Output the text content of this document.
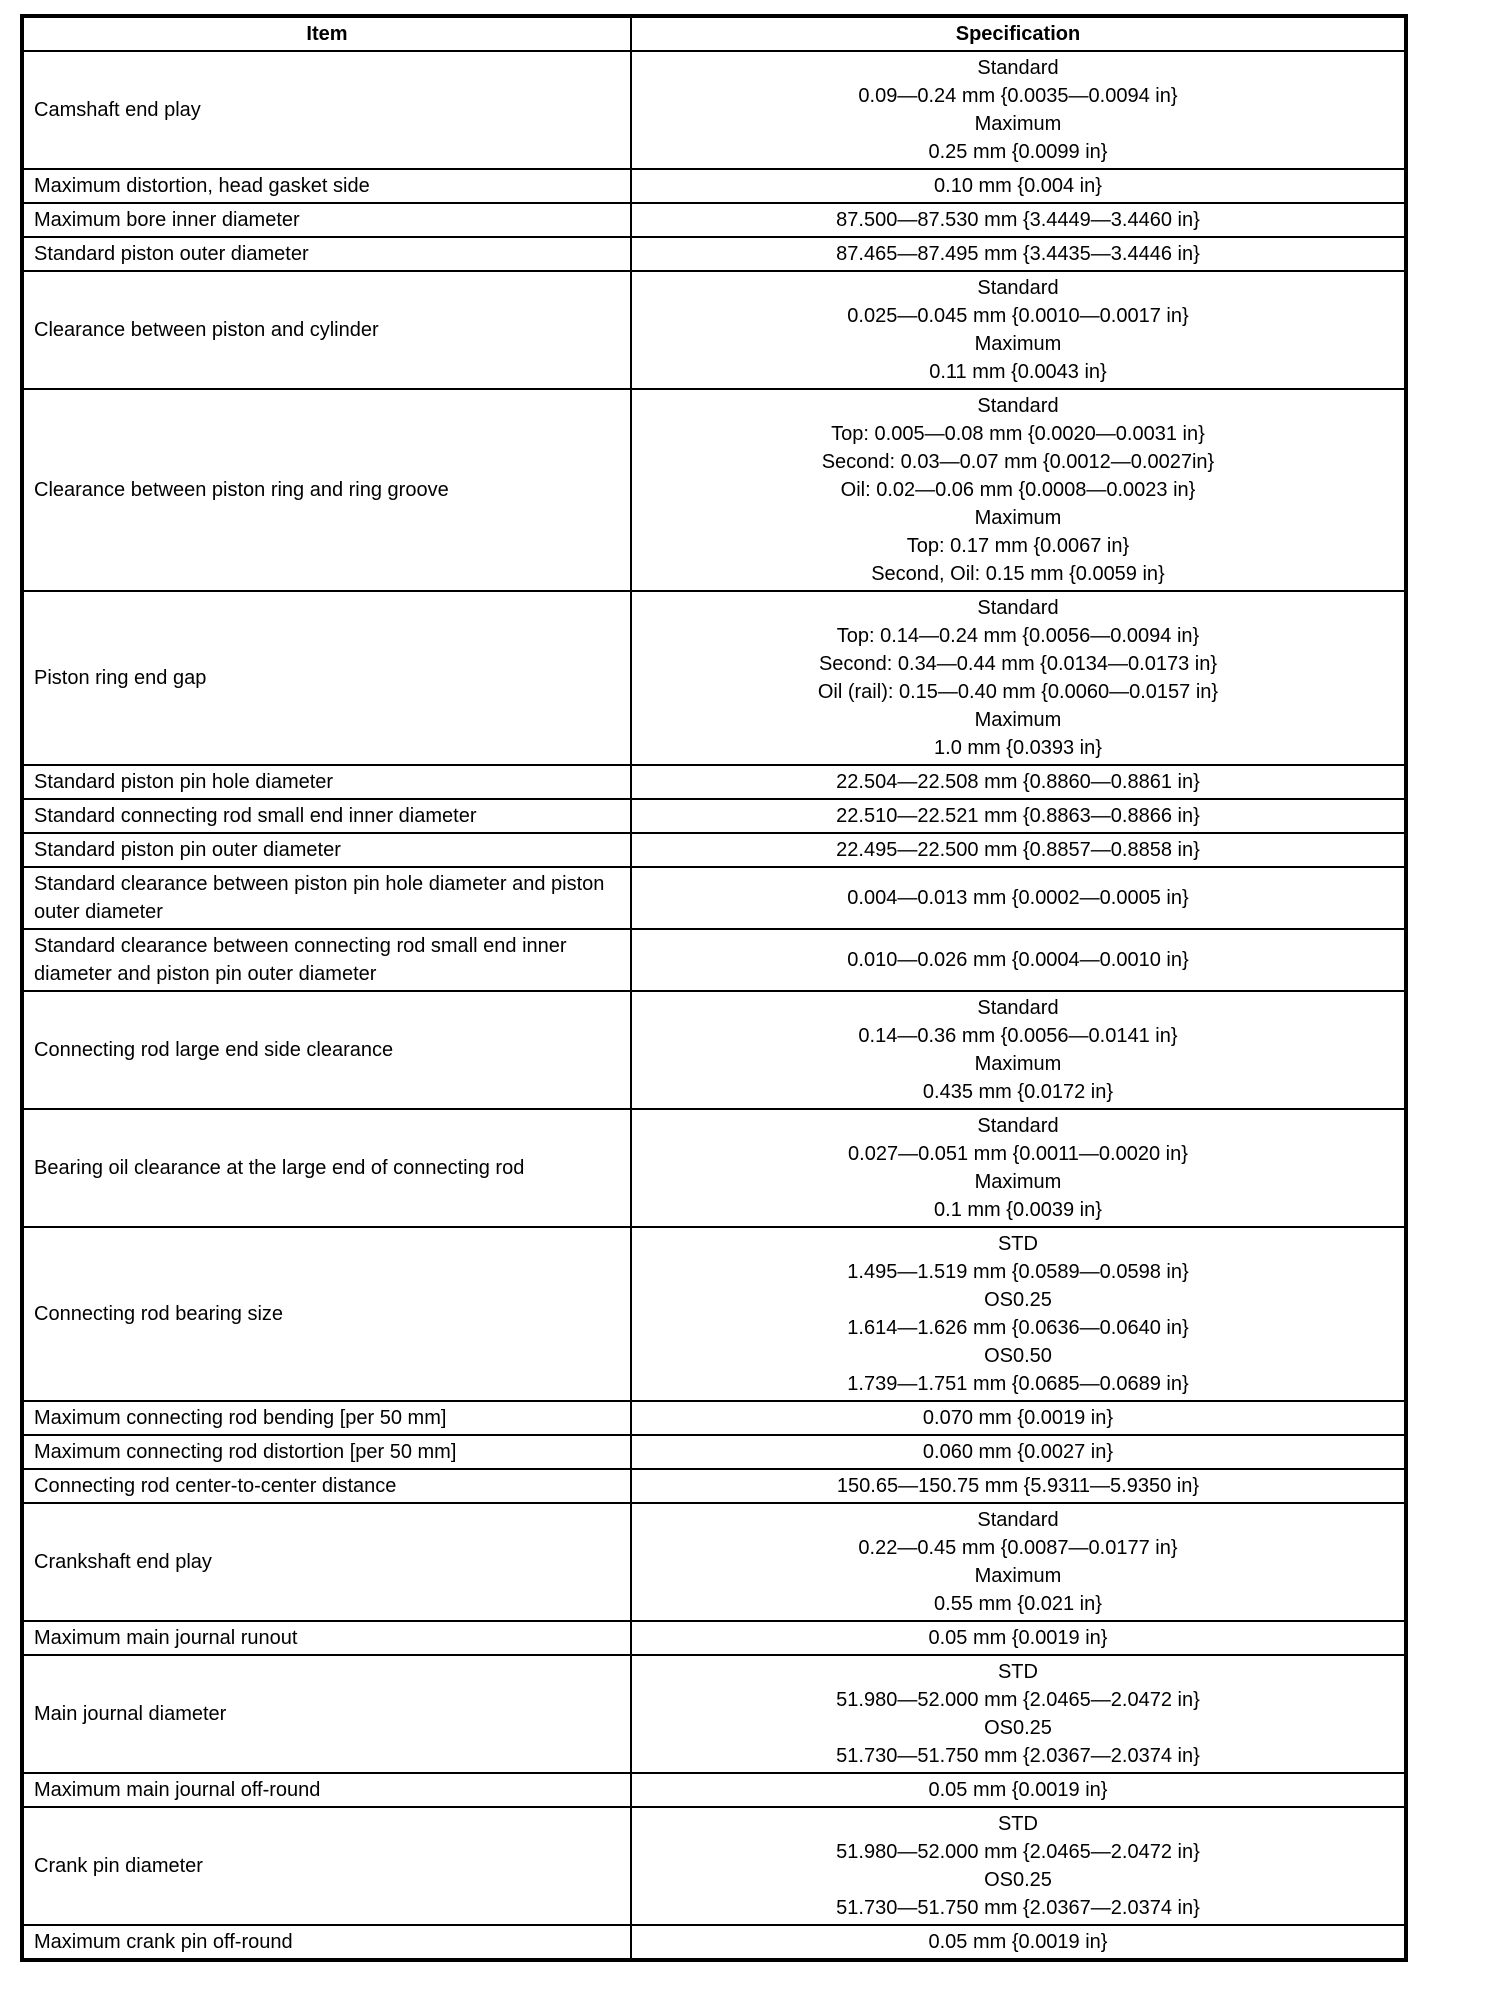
Item	Specification
Camshaft end play	Standard
0.09—0.24 mm {0.0035—0.0094 in}
Maximum
0.25 mm {0.0099 in}

Maximum distortion, head gasket side	0.10 mm {0.004 in}

Maximum bore inner diameter	87.500—87.530 mm {3.4449—3.4460 in}

Standard piston outer diameter	87.465—87.495 mm {3.4435—3.4446 in}

Clearance between piston and cylinder	Standard
0.025—0.045 mm {0.0010—0.0017 in}
Maximum
0.11 mm {0.0043 in}

Clearance between piston ring and ring groove	
Standard
Top: 0.005—0.08 mm {0.0020—0.0031 in}
Second: 0.03—0.07 mm {0.0012—0.0027in}
Oil: 0.02—0.06 mm {0.0008—0.0023 in}
Maximum
Top: 0.17 mm {0.0067 in}
Second, Oil: 0.15 mm {0.0059 in}

Piston ring end gap	
Standard
Top: 0.14—0.24 mm {0.0056—0.0094 in}
Second: 0.34—0.44 mm {0.0134—0.0173 in}
Oil (rail): 0.15—0.40 mm {0.0060—0.0157 in}
Maximum
1.0 mm {0.0393 in}

Standard piston pin hole diameter	22.504—22.508 mm {0.8860—0.8861 in}

Standard connecting rod small end inner diameter	22.510—22.521 mm {0.8863—0.8866 in}

Standard piston pin outer diameter	22.495—22.500 mm {0.8857—0.8858 in}

Standard clearance between piston pin hole diameter and piston outer diameter	0.004—0.013 mm {0.0002—0.0005 in}

Standard clearance between connecting rod small end inner diameter and piston pin outer diameter	0.010—0.026 mm {0.0004—0.0010 in}

Connecting rod large end side clearance	Standard
0.14—0.36 mm {0.0056—0.0141 in}
Maximum
0.435 mm {0.0172 in}

Bearing oil clearance at the large end of connecting rod	Standard
0.027—0.051 mm {0.0011—0.0020 in}
Maximum
0.1 mm {0.0039 in}

Connecting rod bearing size	
STD
1.495—1.519 mm {0.0589—0.0598 in}
OS0.25
1.614—1.626 mm {0.0636—0.0640 in}
OS0.50
1.739—1.751 mm {0.0685—0.0689 in}

Maximum connecting rod bending [per 50 mm]	0.070 mm {0.0019 in}

Maximum connecting rod distortion [per 50 mm]	0.060 mm {0.0027 in}

Connecting rod center-to-center distance	150.65—150.75 mm {5.9311—5.9350 in}

Crankshaft end play	Standard
0.22—0.45 mm {0.0087—0.0177 in}
Maximum
0.55 mm {0.021 in}

Maximum main journal runout	0.05 mm {0.0019 in}

Main journal diameter	STD
51.980—52.000 mm {2.0465—2.0472 in}
OS0.25
51.730—51.750 mm {2.0367—2.0374 in}

Maximum main journal off-round	0.05 mm {0.0019 in}

Crank pin diameter	STD
51.980—52.000 mm {2.0465—2.0472 in}
OS0.25
51.730—51.750 mm {2.0367—2.0374 in}

Maximum crank pin off-round	0.05 mm {0.0019 in}
